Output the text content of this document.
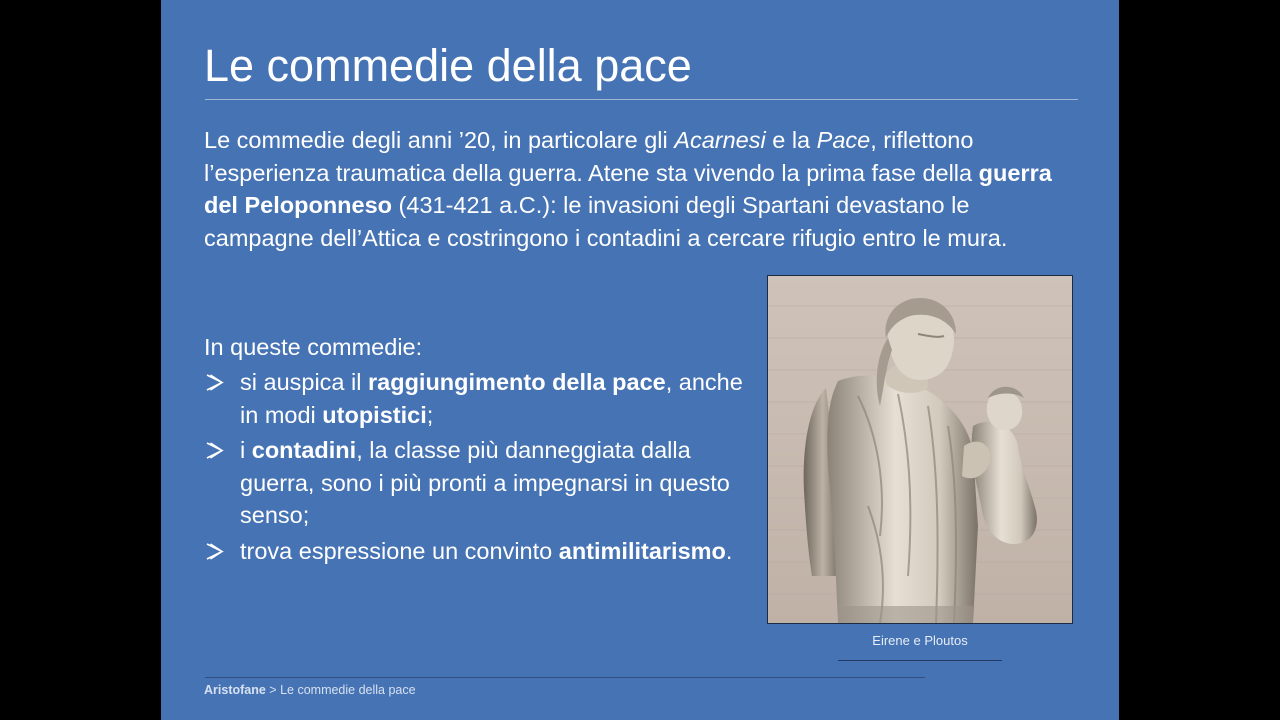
Le commedie della pace

Le commedie degli anni ’20, in particolare gli Acarnesi e la Pace, riflettono l’esperienza traumatica della guerra. Atene sta vivendo la prima fase della guerra del Peloponneso (431-421 a.C.): le invasioni degli Spartani devastano le campagne dell’Attica e costringono i contadini a cercare rifugio entro le mura.

In queste commedie:

si auspica il raggiungimento della pace, anche in modi utopistici;
i contadini, la classe più danneggiata dalla guerra, sono i più pronti a impegnarsi in questo senso;
trova espressione un convinto antimilitarismo.
Eirene e Ploutos
Aristofane > Le commedie della pace
